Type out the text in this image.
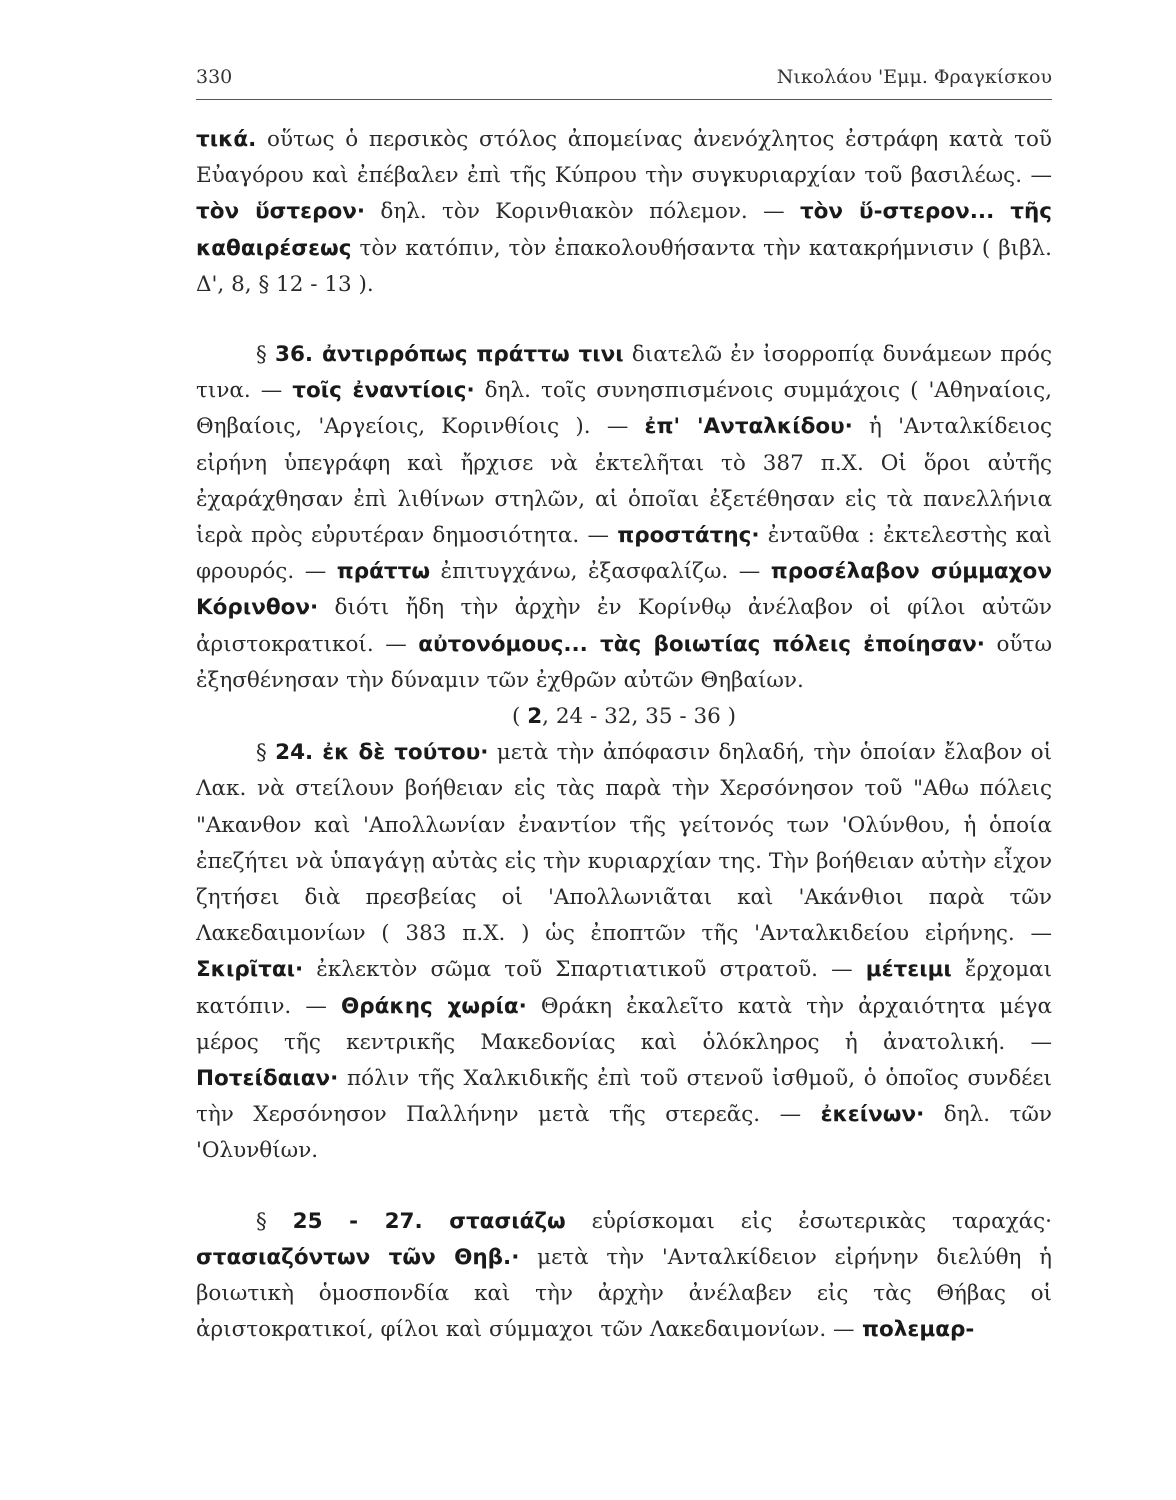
330	Νικολάου 'Εμμ. Φραγκίσκου

τικά. οὕτως ὁ περσικὸς στόλος ἀπομείνας ἀνενόχλητος ἐστράφη κατὰ τοῦ Εὐαγόρου καὶ ἐπέβαλεν ἐπὶ τῆς Κύπρου τὴν συγκυριαρχίαν τοῦ βασιλέως. — τὸν ὕστερον· δηλ. τὸν Κορινθιακὸν πόλεμον. — τὸν ὕ-στερον... τῆς καθαιρέσεως τὸν κατόπιν, τὸν ἐπακολουθήσαντα τὴν κατακρήμνισιν ( βιβλ. Δ', 8, § 12 - 13 ).

§ 36. ἀντιρρόπως πράττω τινι διατελῶ ἐν ἰσορροπίᾳ δυνάμεων πρός τινα. — τοῖς ἐναντίοις· δηλ. τοῖς συνησπισμένοις συμμάχοις ( 'Αθηναίοις, Θηβαίοις, 'Αργείοις, Κορινθίοις ). — ἐπ' 'Ανταλκίδου· ἡ 'Ανταλκίδειος εἰρήνη ὑπεγράφη καὶ ἤρχισε νὰ ἐκτελῆται τὸ 387 π.Χ. Οἱ ὅροι αὐτῆς ἐχαράχθησαν ἐπὶ λιθίνων στηλῶν, αἱ ὁποῖαι ἐξετέθησαν εἰς τὰ πανελλήνια ἱερὰ πρὸς εὐρυτέραν δημοσιότητα. — προστάτης· ἐνταῦθα : ἐκτελεστὴς καὶ φρουρός. — πράττω ἐπιτυγχάνω, ἐξασφαλίζω. — προσέλαβον σύμμαχον Κόρινθον· διότι ἤδη τὴν ἀρχὴν ἐν Κορίνθῳ ἀνέλαβον οἱ φίλοι αὐτῶν ἀριστοκρατικοί. — αὐτονόμους... τὰς βοιωτίας πόλεις ἐποίησαν· οὕτω ἐξησθένησαν τὴν δύναμιν τῶν ἐχθρῶν αὐτῶν Θηβαίων.

( 2, 24 - 32, 35 - 36 )

§ 24. ἐκ δὲ τούτου· μετὰ τὴν ἀπόφασιν δηλαδή, τὴν ὁποίαν ἔλαβον οἱ Λακ. νὰ στείλουν βοήθειαν εἰς τὰς παρὰ τὴν Χερσόνησον τοῦ "Αθω πόλεις "Ακανθον καὶ 'Απολλωνίαν ἐναντίον τῆς γείτονός των 'Ολύνθου, ἡ ὁποία ἐπεζήτει νὰ ὑπαγάγῃ αὐτὰς εἰς τὴν κυριαρχίαν της. Τὴν βοήθειαν αὐτὴν εἶχον ζητήσει διὰ πρεσβείας οἱ 'Απολλωνιᾶται καὶ 'Ακάνθιοι παρὰ τῶν Λακεδαιμονίων ( 383 π.Χ. ) ὡς ἐποπτῶν τῆς 'Ανταλκιδείου εἰρήνης. — Σκιρῖται· ἐκλεκτὸν σῶμα τοῦ Σπαρτιατικοῦ στρατοῦ. — μέτειμι ἔρχομαι κατόπιν. — Θράκης χωρία· Θράκη ἐκαλεῖτο κατὰ τὴν ἀρχαιότητα μέγα μέρος τῆς κεντρικῆς Μακεδονίας καὶ ὁλόκληρος ἡ ἀνατολική. — Ποτείδαιαν· πόλιν τῆς Χαλκιδικῆς ἐπὶ τοῦ στενοῦ ἰσθμοῦ, ὁ ὁποῖος συνδέει τὴν Χερσόνησον Παλλήνην μετὰ τῆς στερεᾶς. — ἐκείνων· δηλ. τῶν 'Ολυνθίων.

§ 25 - 27. στασιάζω εὑρίσκομαι εἰς ἐσωτερικὰς ταραχάς· στασιαζόντων τῶν Θηβ.· μετὰ τὴν 'Ανταλκίδειον εἰρήνην διελύθη ἡ βοιωτικὴ ὁμοσπονδία καὶ τὴν ἀρχὴν ἀνέλαβεν εἰς τὰς Θήβας οἱ ἀριστοκρατικοί, φίλοι καὶ σύμμαχοι τῶν Λακεδαιμονίων. — πολεμαρ-
